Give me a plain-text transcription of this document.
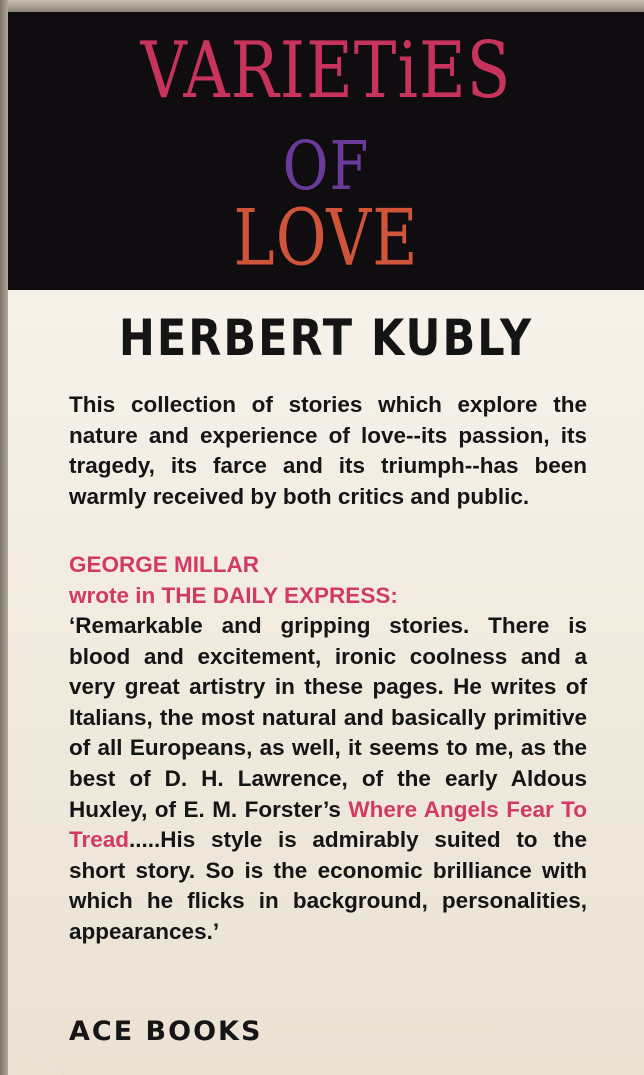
VARIETiES
OF
LOVE
HERBERT KUBLY

This collection of stories which explore the nature and experience of love--its passion, its tragedy, its farce and its triumph--has been warmly received by both critics and public.

GEORGE MILLAR
wrote in THE DAILY EXPRESS:

‘Remarkable and gripping stories. There is blood and excitement, ironic coolness and a very great artistry in these pages. He writes of Italians, the most natural and basically primitive of all Europeans, as well, it seems to me, as the best of D. H. Lawrence, of the early Aldous Huxley, of E. M. Forster’s Where Angels Fear To Tread.....His style is admirably suited to the short story. So is the economic brilliance with which he flicks in background, personalities, appearances.’

ACE BOOKS
